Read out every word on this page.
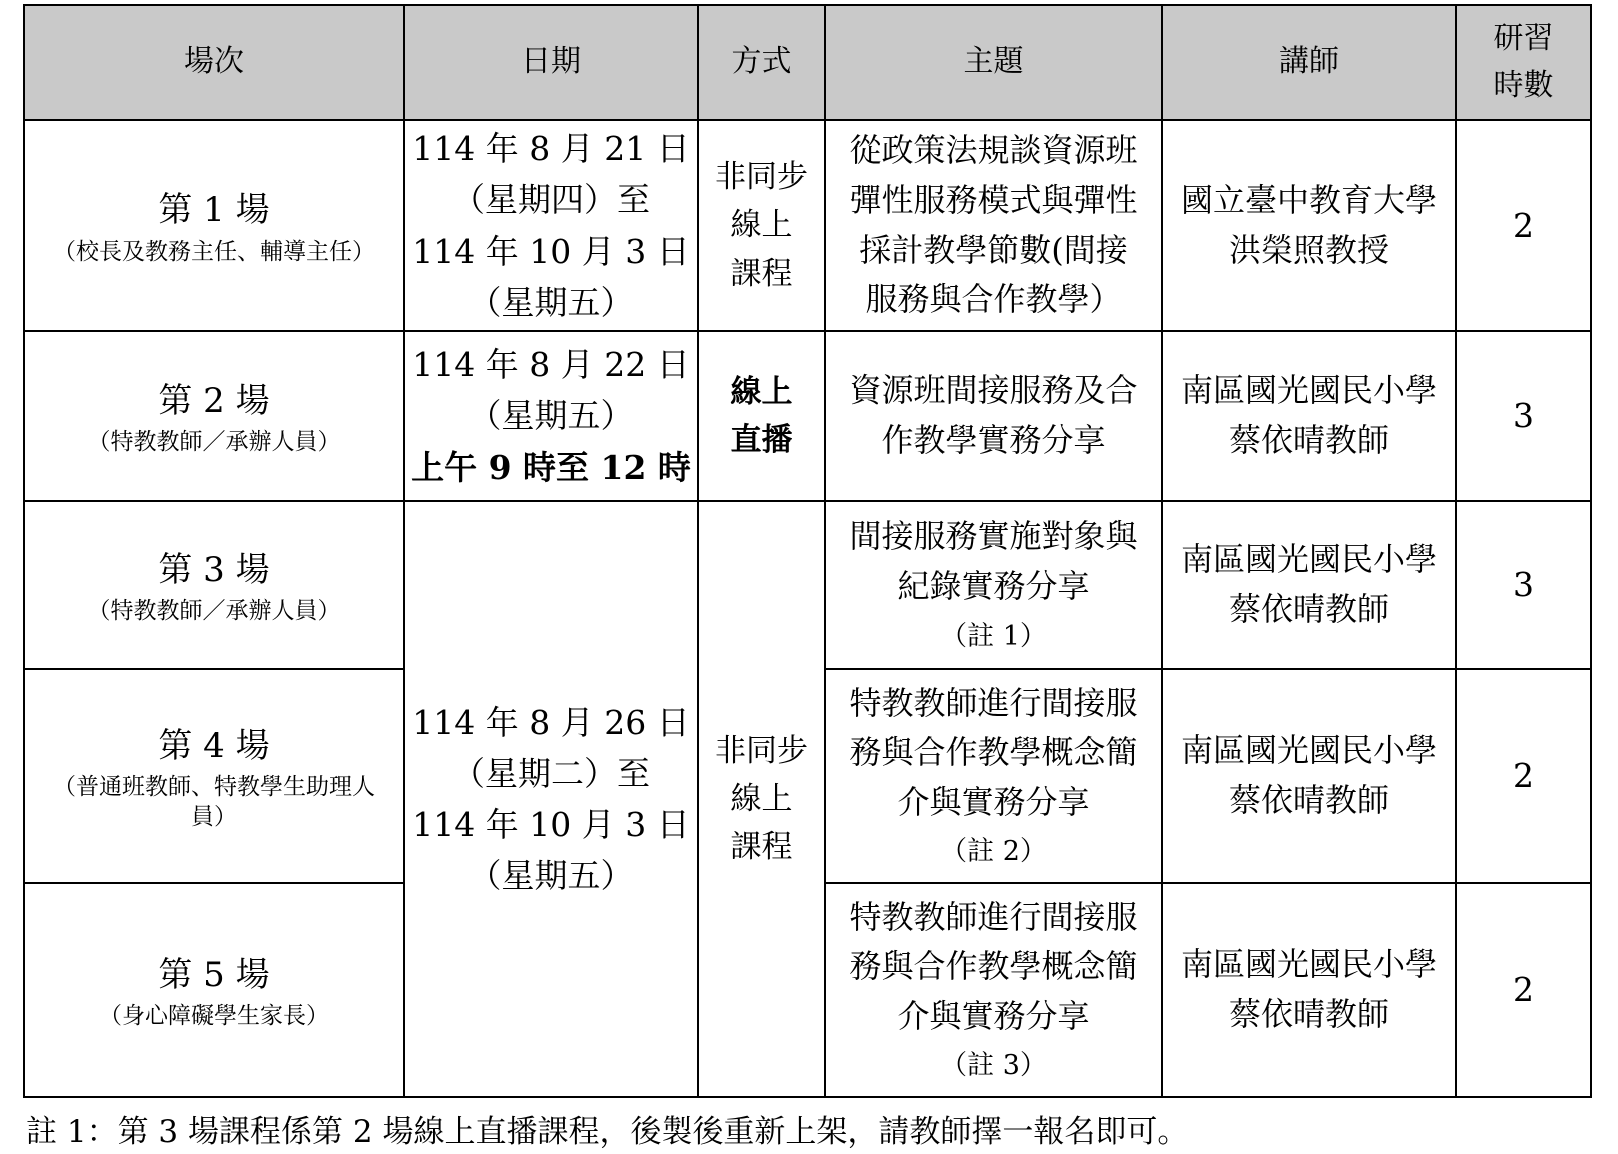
場次	日期	方式	主題	講師	研習
時數

第 1 場
（校長及教務主任、輔導主任）	114 年 8 月 21 日
（星期四）至
114 年 10 月 3 日
（星期五）	非同步
線上
課程	從政策法規談資源班
彈性服務模式與彈性
採計教學節數(間接
服務與合作教學）	國立臺中教育大學
洪榮照教授	2

第 2 場
（特教教師／承辦人員）	114 年 8 月 22 日
（星期五）
上午 9 時至 12 時	線上
直播	資源班間接服務及合
作教學實務分享	南區國光國民小學
蔡依晴教師	3

第 3 場
（特教教師／承辦人員）	114 年 8 月 26 日
（星期二）至
114 年 10 月 3 日
（星期五）	非同步
線上
課程	間接服務實施對象與
紀錄實務分享
（註 1）	南區國光國民小學
蔡依晴教師	3

第 4 場
（普通班教師、特教學生助理人
員）			特教教師進行間接服
務與合作教學概念簡
介與實務分享
（註 2）	南區國光國民小學
蔡依晴教師	2

第 5 場
（身心障礙學生家長）			特教教師進行間接服
務與合作教學概念簡
介與實務分享
（註 3）	南區國光國民小學
蔡依晴教師	2
註 1：第 3 場課程係第 2 場線上直播課程，後製後重新上架，請教師擇一報名即可。
